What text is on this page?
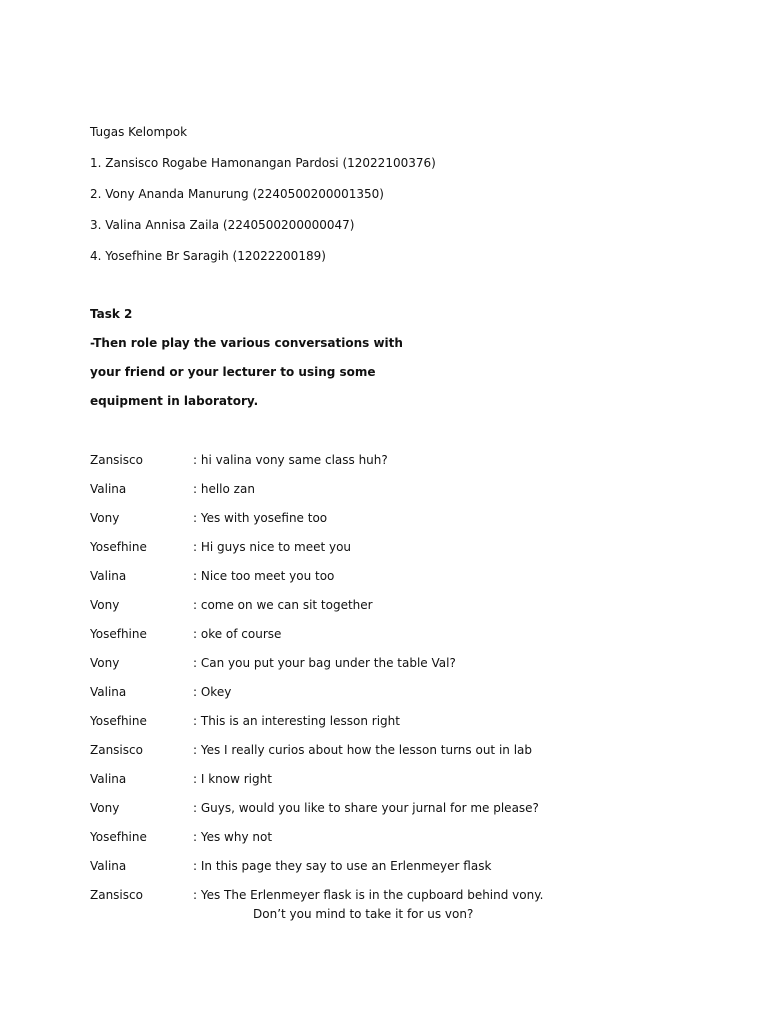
Tugas Kelompok
1. Zansisco Rogabe Hamonangan Pardosi (12022100376)
2. Vony Ananda Manurung (2240500200001350)
3. Valina Annisa Zaila (2240500200000047)
4. Yosefhine Br Saragih (12022200189)
Task 2
-Then role play the various conversations with
your friend or your lecturer to using some
equipment in laboratory.
Zansisco	: hi valina vony same class huh?
Valina	: hello zan
Vony	: Yes with yosefine too
Yosefhine	: Hi guys nice to meet you
Valina	: Nice too meet you too
Vony	: come on we can sit together
Yosefhine	: oke of course
Vony	: Can you put your bag under the table Val?
Valina	: Okey
Yosefhine	: This is an interesting lesson right
Zansisco	: Yes I really curios about how the lesson turns out in lab
Valina	: I know right
Vony	: Guys, would you like to share your jurnal for me please?
Yosefhine	: Yes why not
Valina	: In this page they say to use an Erlenmeyer flask
Zansisco	: Yes The Erlenmeyer flask is in the cupboard behind vony.
Don’t you mind to take it for us von?
